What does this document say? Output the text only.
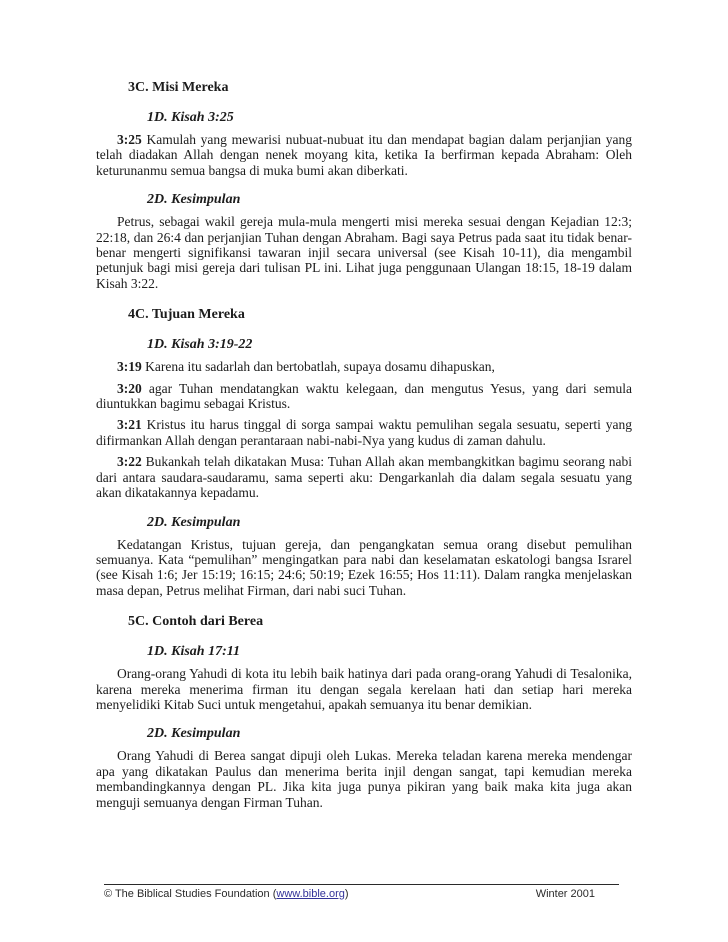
3C. Misi Mereka
1D. Kisah 3:25

3:25 Kamulah yang mewarisi nubuat-nubuat itu dan mendapat bagian dalam perjanjian yang telah diadakan Allah dengan nenek moyang kita, ketika Ia berfirman kepada Abraham: Oleh keturunanmu semua bangsa di muka bumi akan diberkati.

2D. Kesimpulan

Petrus, sebagai wakil gereja mula-mula mengerti misi mereka sesuai dengan Kejadian 12:3; 22:18, dan 26:4 dan perjanjian Tuhan dengan Abraham. Bagi saya Petrus pada saat itu tidak benar-benar mengerti signifikansi tawaran injil secara universal (see Kisah 10-11), dia mengambil petunjuk bagi misi gereja dari tulisan PL ini. Lihat juga penggunaan Ulangan 18:15, 18-19 dalam Kisah 3:22.

4C. Tujuan Mereka
1D. Kisah 3:19-22

3:19 Karena itu sadarlah dan bertobatlah, supaya dosamu dihapuskan,

3:20 agar Tuhan mendatangkan waktu kelegaan, dan mengutus Yesus, yang dari semula diuntukkan bagimu sebagai Kristus.

3:21 Kristus itu harus tinggal di sorga sampai waktu pemulihan segala sesuatu, seperti yang difirmankan Allah dengan perantaraan nabi-nabi-Nya yang kudus di zaman dahulu.

3:22 Bukankah telah dikatakan Musa: Tuhan Allah akan membangkitkan bagimu seorang nabi dari antara saudara-saudaramu, sama seperti aku: Dengarkanlah dia dalam segala sesuatu yang akan dikatakannya kepadamu.

2D. Kesimpulan

Kedatangan Kristus, tujuan gereja, dan pengangkatan semua orang disebut pemulihan semuanya. Kata “pemulihan” mengingatkan para nabi dan keselamatan eskatologi bangsa Israrel (see Kisah 1:6; Jer 15:19; 16:15; 24:6; 50:19; Ezek 16:55; Hos 11:11). Dalam rangka menjelaskan masa depan, Petrus melihat Firman, dari nabi suci Tuhan.

5C. Contoh dari Berea
1D. Kisah 17:11

Orang-orang Yahudi di kota itu lebih baik hatinya dari pada orang-orang Yahudi di Tesalonika, karena mereka menerima firman itu dengan segala kerelaan hati dan setiap hari mereka menyelidiki Kitab Suci untuk mengetahui, apakah semuanya itu benar demikian.

2D. Kesimpulan

Orang Yahudi di Berea sangat dipuji oleh Lukas. Mereka teladan karena mereka mendengar apa yang dikatakan Paulus dan menerima berita injil dengan sangat, tapi kemudian mereka membandingkannya dengan PL. Jika kita juga punya pikiran yang baik maka kita juga akan menguji semuanya dengan Firman Tuhan.

© The Biblical Studies Foundation (www.bible.org)	Winter 2001
